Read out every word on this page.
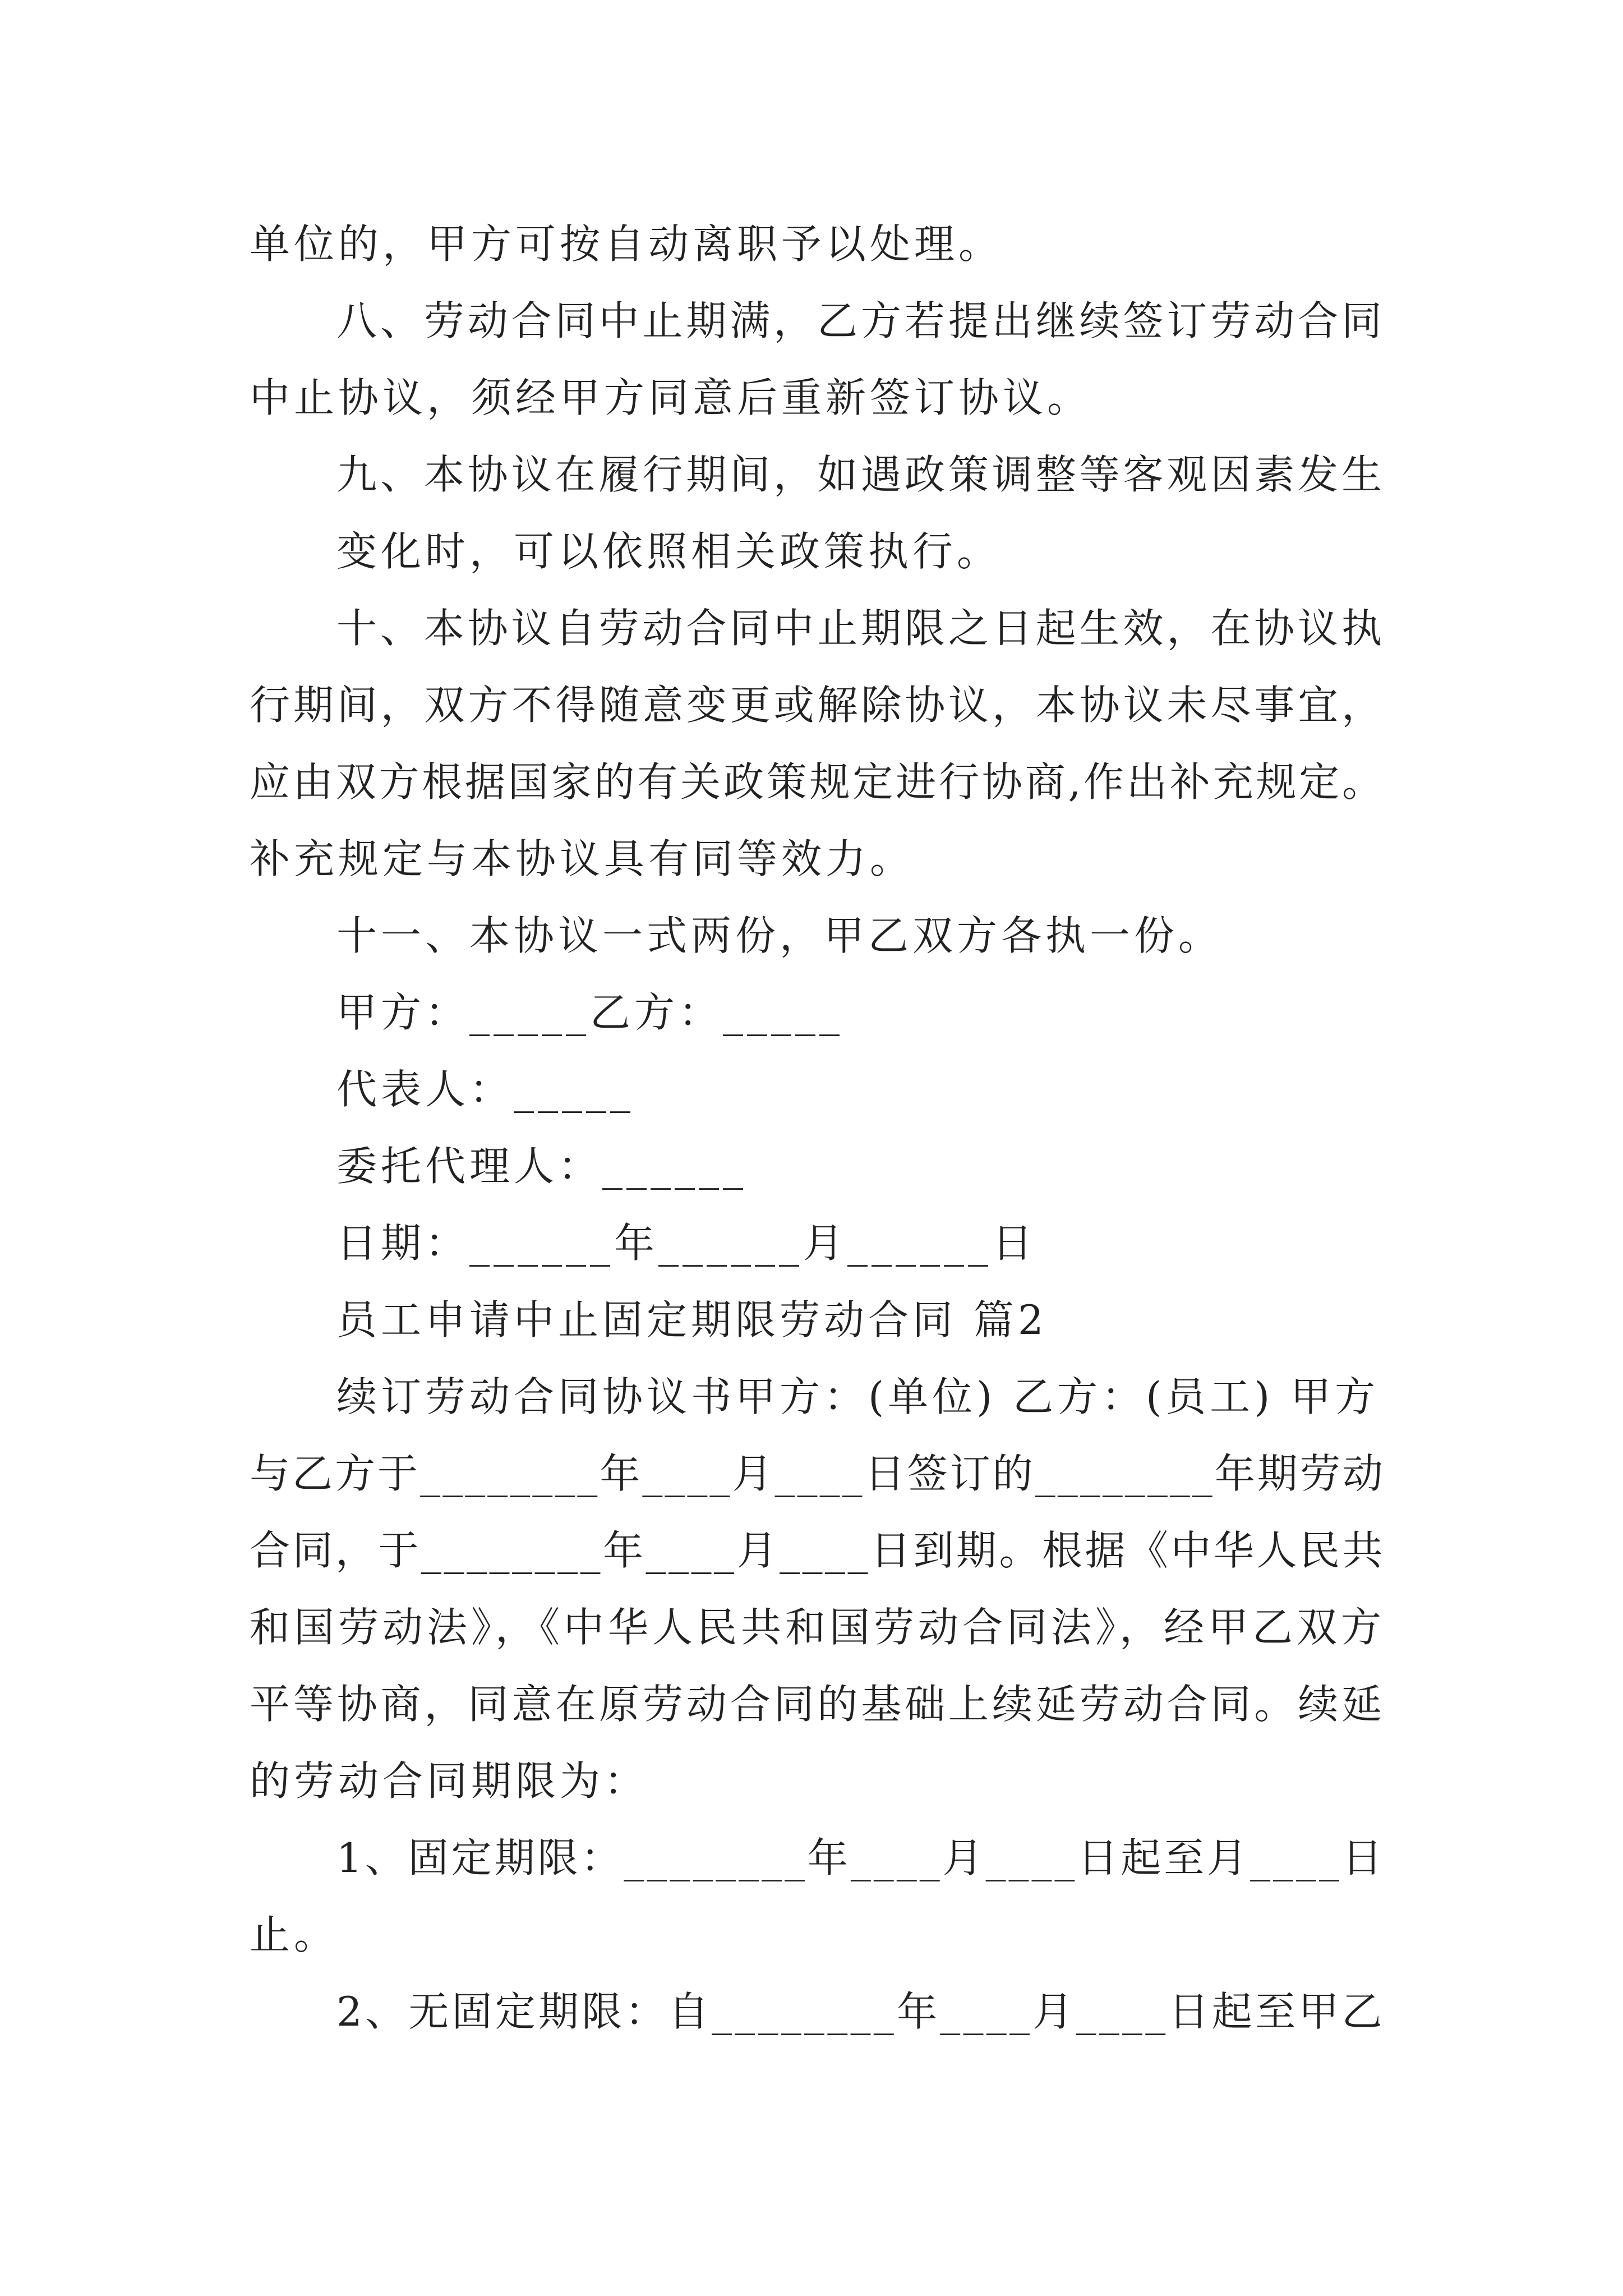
单位的，甲方可按自动离职予以处理。
八、劳动合同中止期满，乙方若提出继续签订劳动合同
中止协议，须经甲方同意后重新签订协议。
九、本协议在履行期间，如遇政策调整等客观因素发生
变化时，可以依照相关政策执行。
十、本协议自劳动合同中止期限之日起生效，在协议执
行期间，双方不得随意变更或解除协议，本协议未尽事宜，
应由双方根据国家的有关政策规定进行协商,作出补充规定。
补充规定与本协议具有同等效力。
十一、本协议一式两份，甲乙双方各执一份。
甲方：_____乙方：_____
代表人：_____
委托代理人：______
日期：______年______月______日
员工申请中止固定期限劳动合同 篇2
续订劳动合同协议书甲方：(单位) 乙方：(员工) 甲方
与乙方于________年____月____日签订的________年期劳动
合同，于________年____月____日到期。根据《中华人民共
和国劳动法》，《中华人民共和国劳动合同法》，经甲乙双方
平等协商，同意在原劳动合同的基础上续延劳动合同。续延
的劳动合同期限为：
1、固定期限：________年____月____日起至月____日
止。
2、无固定期限：自________年____月____日起至甲乙
